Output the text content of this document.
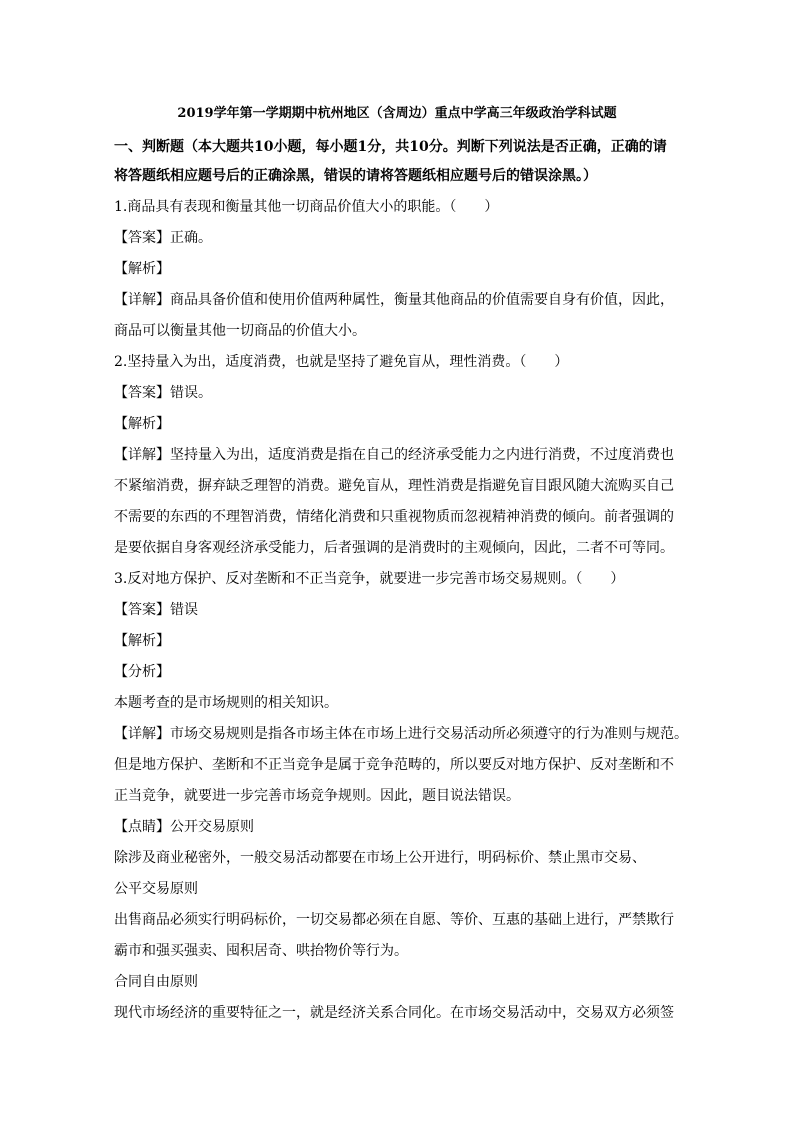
2019学年第一学期期中杭州地区（含周边）重点中学高三年级政治学科试题
一、判断题（本大题共10小题，每小题1分，共10分。判断下列说法是否正确，正确的请
将答题纸相应题号后的正确涂黑，错误的请将答题纸相应题号后的错误涂黑。）
1.商品具有表现和衡量其他一切商品价值大小的职能。（　　）
【答案】正确。
【解析】
【详解】商品具备价值和使用价值两种属性，衡量其他商品的价值需要自身有价值，因此，
商品可以衡量其他一切商品的价值大小。
2.坚持量入为出，适度消费，也就是坚持了避免盲从，理性消费。（　　）
【答案】错误。
【解析】
【详解】坚持量入为出，适度消费是指在自己的经济承受能力之内进行消费，不过度消费也
不紧缩消费，摒弃缺乏理智的消费。避免盲从，理性消费是指避免盲目跟风随大流购买自己
不需要的东西的不理智消费，情绪化消费和只重视物质而忽视精神消费的倾向。前者强调的
是要依据自身客观经济承受能力，后者强调的是消费时的主观倾向，因此，二者不可等同。
3.反对地方保护、反对垄断和不正当竞争，就要进一步完善市场交易规则。（　　）
【答案】错误
【解析】
【分析】
本题考查的是市场规则的相关知识。
【详解】市场交易规则是指各市场主体在市场上进行交易活动所必须遵守的行为准则与规范。
但是地方保护、垄断和不正当竞争是属于竞争范畴的，所以要反对地方保护、反对垄断和不
正当竞争，就要进一步完善市场竞争规则。因此，题目说法错误。
【点睛】公开交易原则
除涉及商业秘密外，一般交易活动都要在市场上公开进行，明码标价、禁止黑市交易、
公平交易原则
出售商品必须实行明码标价，一切交易都必须在自愿、等价、互惠的基础上进行，严禁欺行
霸市和强买强卖、囤积居奇、哄抬物价等行为。
合同自由原则
现代市场经济的重要特征之一，就是经济关系合同化。在市场交易活动中，交易双方必须签
